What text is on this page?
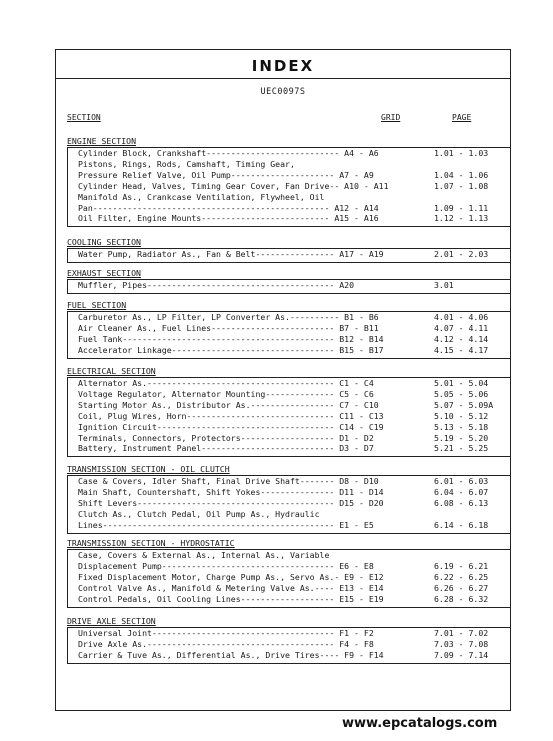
INDEX
UEC0097S
SECTION	GRID	PAGE
ENGINE SECTION
Cylinder Block, Crankshaft--------------------------- A4 - A6	1.01 - 1.03
Pistons, Rings, Rods, Camshaft, Timing Gear,
Pressure Relief Valve, Oil Pump--------------------- A7 - A9	1.04 - 1.06
Cylinder Head, Valves, Timing Gear Cover, Fan Drive-- A10 - A11	1.07 - 1.08
Manifold As., Crankcase Ventilation, Flywheel, Oil
Pan------------------------------------------------ A12 - A14	1.09 - 1.11
Oil Filter, Engine Mounts-------------------------- A15 - A16	1.12 - 1.13
COOLING SECTION
Water Pump, Radiator As., Fan & Belt---------------- A17 - A19	2.01 - 2.03
EXHAUST SECTION
Muffler, Pipes-------------------------------------- A20	3.01
FUEL SECTION
Carburetor As., LP Filter, LP Converter As.---------- B1 - B6	4.01 - 4.06
Air Cleaner As., Fuel Lines------------------------- B7 - B11	4.07 - 4.11
Fuel Tank------------------------------------------- B12 - B14	4.12 - 4.14
Accelerator Linkage--------------------------------- B15 - B17	4.15 - 4.17
ELECTRICAL SECTION
Alternator As.-------------------------------------- C1 - C4	5.01 - 5.04
Voltage Regulator, Alternator Mounting-------------- C5 - C6	5.05 - 5.06
Starting Motor As., Distributor As.----------------- C7 - C10	5.07 - 5.09A
Coil, Plug Wires, Horn------------------------------ C11 - C13	5.10 - 5.12
Ignition Circuit------------------------------------ C14 - C19	5.13 - 5.18
Terminals, Connectors, Protectors------------------- D1 - D2	5.19 - 5.20
Battery, Instrument Panel--------------------------- D3 - D7	5.21 - 5.25
TRANSMISSION SECTION - OIL CLUTCH
Case & Covers, Idler Shaft, Final Drive Shaft------- D8 - D10	6.01 - 6.03
Main Shaft, Countershaft, Shift Yokes--------------- D11 - D14	6.04 - 6.07
Shift Levers---------------------------------------- D15 - D20	6.08 - 6.13
Clutch As., Clutch Pedal, Oil Pump As., Hydraulic
Lines----------------------------------------------- E1 - E5	6.14 - 6.18
TRANSMISSION SECTION - HYDROSTATIC
Case, Covers & External As., Internal As., Variable
Displacement Pump----------------------------------- E6 - E8	6.19 - 6.21
Fixed Displacement Motor, Charge Pump As., Servo As.- E9 - E12	6.22 - 6.25
Control Valve As., Manifold & Metering Valve As.---- E13 - E14	6.26 - 6.27
Control Pedals, Oil Cooling Lines------------------- E15 - E19	6.28 - 6.32
DRIVE AXLE SECTION
Universal Joint------------------------------------- F1 - F2	7.01 - 7.02
Drive Axle As.-------------------------------------- F4 - F8	7.03 - 7.08
Carrier & Tuve As., Differential As., Drive Tires---- F9 - F14	7.09 - 7.14
www.epcatalogs.com
